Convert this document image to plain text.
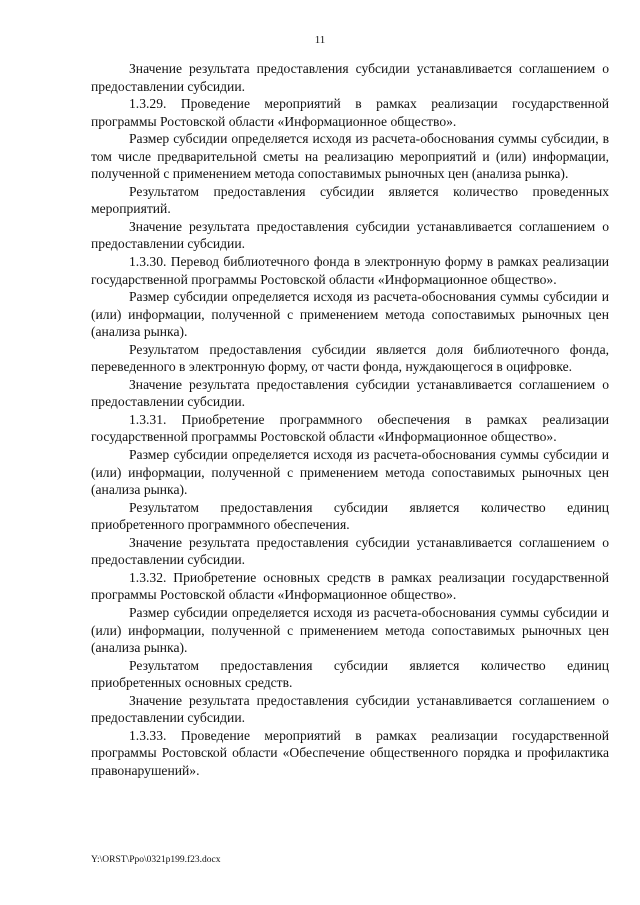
11

Значение результата предоставления субсидии устанавливается соглашением о предоставлении субсидии.

1.3.29. Проведение мероприятий в рамках реализации государственной программы Ростовской области «Информационное общество».

Размер субсидии определяется исходя из расчета-обоснования суммы субсидии, в том числе предварительной сметы на реализацию мероприятий и (или) информации, полученной с применением метода сопоставимых рыночных цен (анализа рынка).

Результатом предоставления субсидии является количество проведенных мероприятий.

Значение результата предоставления субсидии устанавливается соглашением о предоставлении субсидии.

1.3.30. Перевод библиотечного фонда в электронную форму в рамках реализации государственной программы Ростовской области «Информационное общество».

Размер субсидии определяется исходя из расчета-обоснования суммы субсидии и (или) информации, полученной с применением метода сопоставимых рыночных цен (анализа рынка).

Результатом предоставления субсидии является доля библиотечного фонда, переведенного в электронную форму, от части фонда, нуждающегося в оцифровке.

Значение результата предоставления субсидии устанавливается соглашением о предоставлении субсидии.

1.3.31. Приобретение программного обеспечения в рамках реализации государственной программы Ростовской области «Информационное общество».

Размер субсидии определяется исходя из расчета-обоснования суммы субсидии и (или) информации, полученной с применением метода сопоставимых рыночных цен (анализа рынка).

Результатом предоставления субсидии является количество единиц приобретенного программного обеспечения.

Значение результата предоставления субсидии устанавливается соглашением о предоставлении субсидии.

1.3.32. Приобретение основных средств в рамках реализации государственной программы Ростовской области «Информационное общество».

Размер субсидии определяется исходя из расчета-обоснования суммы субсидии и (или) информации, полученной с применением метода сопоставимых рыночных цен (анализа рынка).

Результатом предоставления субсидии является количество единиц приобретенных основных средств.

Значение результата предоставления субсидии устанавливается соглашением о предоставлении субсидии.

1.3.33. Проведение мероприятий в рамках реализации государственной программы Ростовской области «Обеспечение общественного порядка и профилактика правонарушений».

Y:\ORST\Ppo\0321p199.f23.docx
